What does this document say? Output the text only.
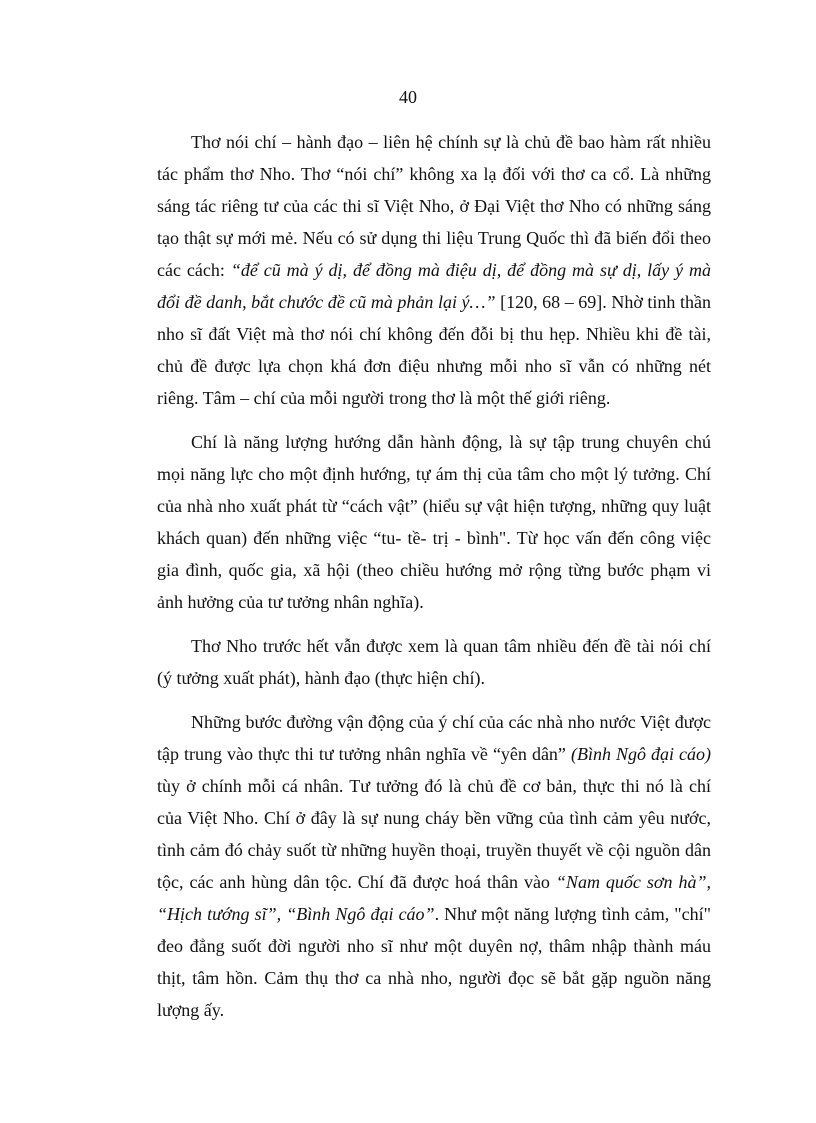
40

Thơ nói chí – hành đạo – liên hệ chính sự là chủ đề bao hàm rất nhiều tác phẩm thơ Nho. Thơ “nói chí” không xa lạ đối với thơ ca cổ. Là những sáng tác riêng tư của các thi sĩ Việt Nho, ở Đại Việt thơ Nho có những sáng tạo thật sự mới mẻ. Nếu có sử dụng thi liệu Trung Quốc thì đã biến đổi theo các cách: “để cũ mà ý dị, để đồng mà điệu dị, để đồng mà sự dị, lấy ý mà đổi đề danh, bắt chước đề cũ mà phản lại ý…” [120, 68 – 69]. Nhờ tinh thần nho sĩ đất Việt mà thơ nói chí không đến đỗi bị thu hẹp. Nhiều khi đề tài, chủ đề được lựa chọn khá đơn điệu nhưng mỗi nho sĩ vẫn có những nét riêng. Tâm – chí của mỗi người trong thơ là một thế giới riêng.

Chí là năng lượng hướng dẫn hành động, là sự tập trung chuyên chú mọi năng lực cho một định hướng, tự ám thị của tâm cho một lý tưởng. Chí của nhà nho xuất phát từ “cách vật” (hiểu sự vật hiện tượng, những quy luật khách quan) đến những việc “tu- tề- trị - bình". Từ học vấn đến công việc gia đình, quốc gia, xã hội (theo chiều hướng mở rộng từng bước phạm vi ảnh hưởng của tư tưởng nhân nghĩa).

Thơ Nho trước hết vẫn được xem là quan tâm nhiều đến đề tài nói chí (ý tưởng xuất phát), hành đạo (thực hiện chí).

Những bước đường vận động của ý chí của các nhà nho nước Việt được tập trung vào thực thi tư tưởng nhân nghĩa về “yên dân” (Bình Ngô đại cáo) tùy ở chính mỗi cá nhân. Tư tưởng đó là chủ đề cơ bản, thực thi nó là chí của Việt Nho. Chí ở đây là sự nung cháy bền vững của tình cảm yêu nước, tình cảm đó chảy suốt từ những huyền thoại, truyền thuyết về cội nguồn dân tộc, các anh hùng dân tộc. Chí đã được hoá thân vào “Nam quốc sơn hà”, “Hịch tướng sĩ”, “Bình Ngô đại cáo”. Như một năng lượng tình cảm, "chí" đeo đẳng suốt đời người nho sĩ như một duyên nợ, thâm nhập thành máu thịt, tâm hồn. Cảm thụ thơ ca nhà nho, người đọc sẽ bắt gặp nguồn năng lượng ấy.
